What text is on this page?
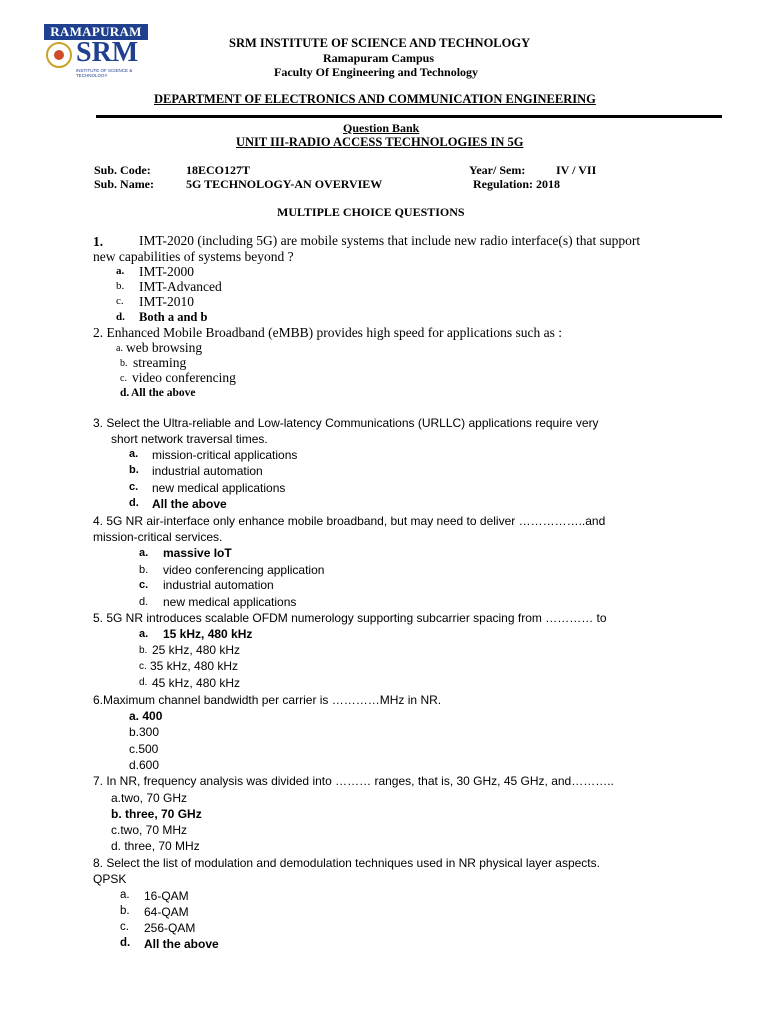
RAMAPURAM
SRM
INSTITUTE OF SCIENCE & TECHNOLOGY
SRM INSTITUTE OF SCIENCE AND TECHNOLOGY
Ramapuram Campus
Faculty Of Engineering and Technology
DEPARTMENT OF ELECTRONICS AND COMMUNICATION ENGINEERING
Question Bank
UNIT III-RADIO ACCESS TECHNOLOGIES IN 5G
Sub. Code:	18ECO127T	Year/ Sem:	IV / VII
Sub. Name:	5G TECHNOLOGY-AN OVERVIEW	Regulation: 2018
MULTIPLE CHOICE QUESTIONS
1.	IMT-2020 (including 5G) are mobile systems that include new radio interface(s) that support
new capabilities of systems beyond ?
a. IMT-2000
b. IMT-Advanced
c. IMT-2010
d. Both a and b
2. Enhanced Mobile Broadband (eMBB) provides high speed for applications such as :
a. web browsing
b. streaming
c. video conferencing
d. All the above
3. Select the Ultra-reliable and Low-latency Communications (URLLC) applications require very
short network traversal times.
a. mission-critical applications
b. industrial automation
c. new medical applications
d. All the above
4. 5G NR air-interface only enhance mobile broadband, but may need to deliver ……………..and
mission-critical services.
a. massive IoT
b. video conferencing application
c. industrial automation
d. new medical applications
5. 5G NR introduces scalable OFDM numerology supporting subcarrier spacing from ………… to
a. 15 kHz, 480 kHz
b. 25 kHz, 480 kHz
c. 35 kHz, 480 kHz
d. 45 kHz, 480 kHz
6.Maximum channel bandwidth per carrier is …………MHz in NR.
a. 400
b.300
c.500
d.600
7. In NR, frequency analysis was divided into ……… ranges, that is, 30 GHz, 45 GHz, and………..
a.two, 70 GHz
b. three, 70 GHz
c.two, 70 MHz
d. three, 70 MHz
8. Select the list of modulation and demodulation techniques used in NR physical layer aspects.
QPSK
a. 16-QAM
b. 64-QAM
c. 256-QAM
d. All the above
